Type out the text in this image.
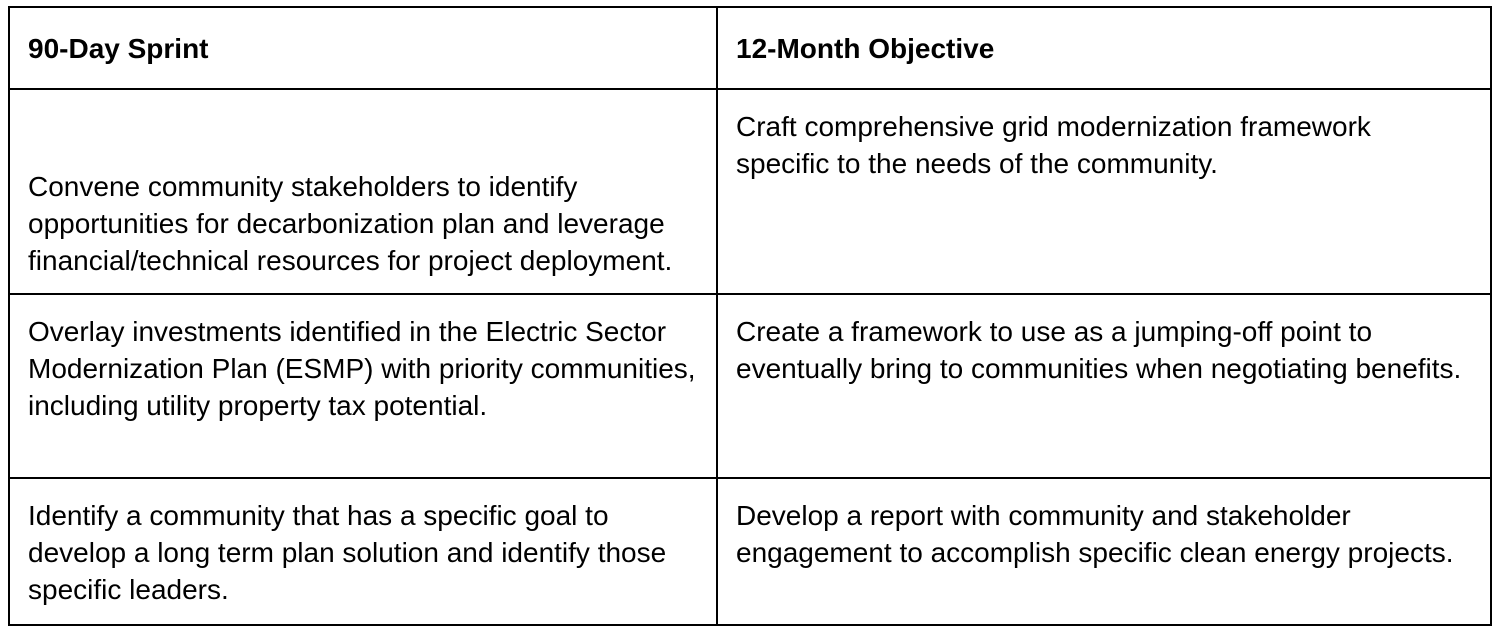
90-Day Sprint	12-Month Objective
Convene community stakeholders to identify opportunities for decarbonization plan and leverage financial/technical resources for project deployment.	Craft comprehensive grid modernization framework specific to the needs of the community.
Overlay investments identified in the Electric Sector Modernization Plan (ESMP) with priority communities, including utility property tax potential.	Create a framework to use as a jumping-off point to eventually bring to communities when negotiating benefits.
Identify a community that has a specific goal to develop a long term plan solution and identify those specific leaders.	Develop a report with community and stakeholder engagement to accomplish specific clean energy projects.
